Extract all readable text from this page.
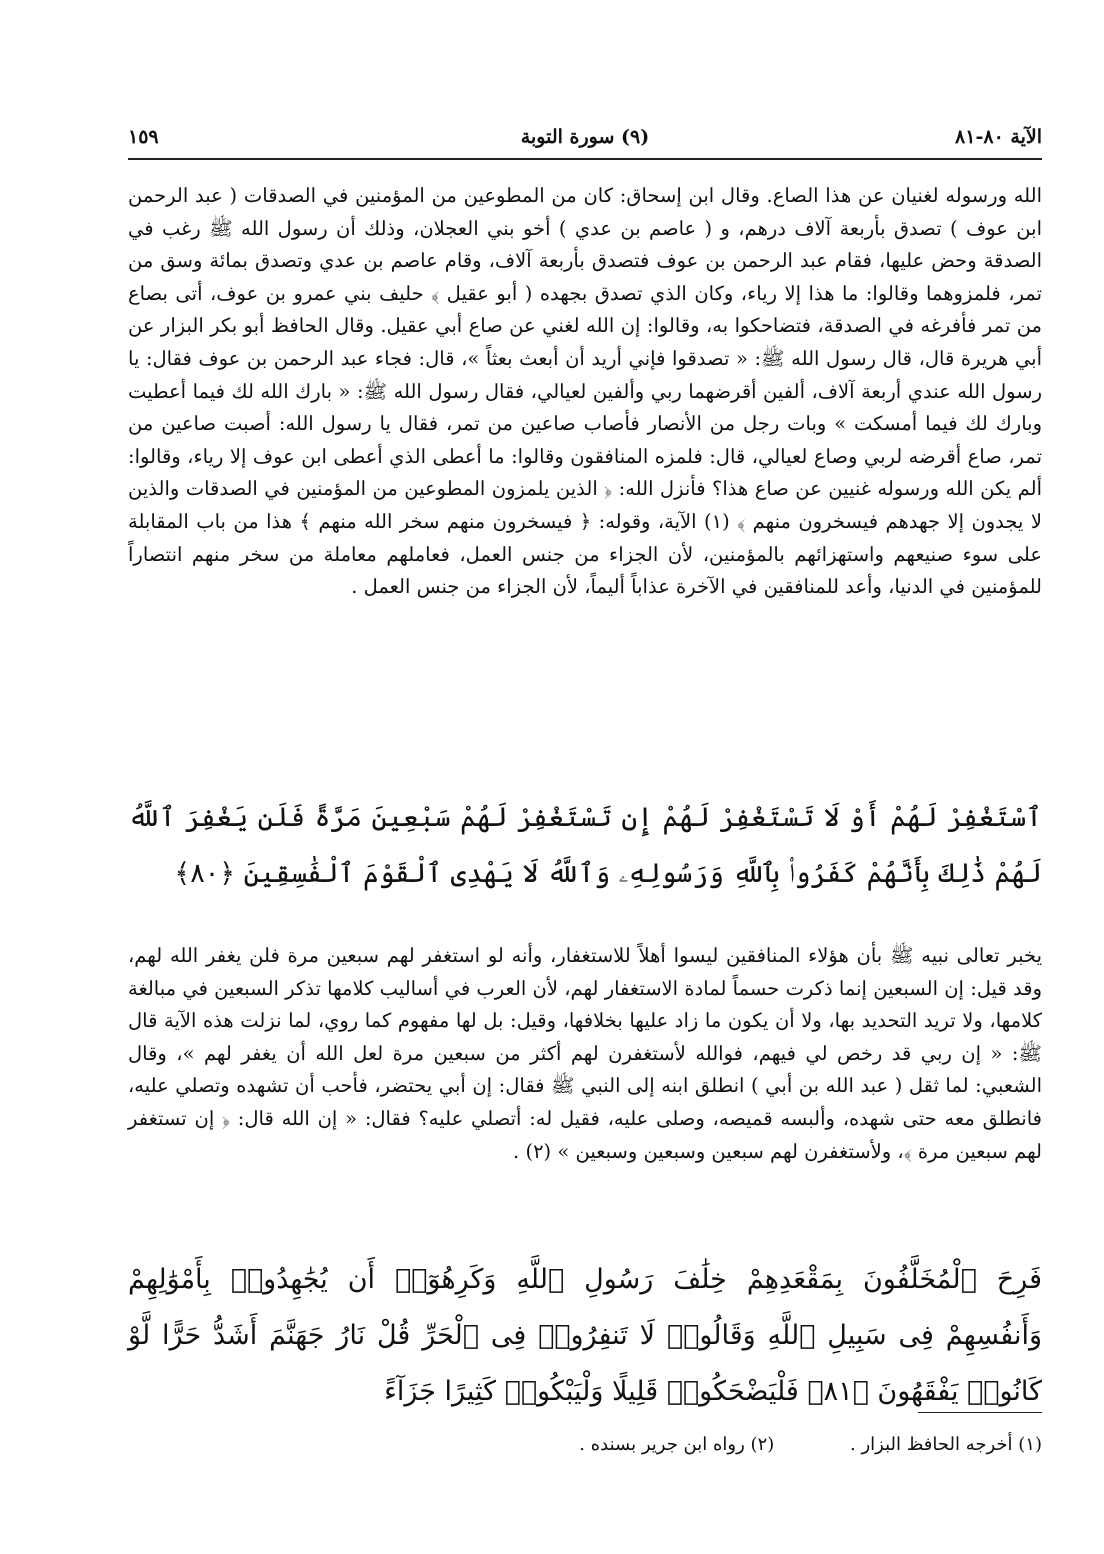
الآية ٨٠-٨١
(٩) سورة التوبة
١٥٩
الله ورسوله لغنيان عن هذا الصاع. وقال ابن إسحاق: كان من المطوعين من المؤمنين في الصدقات ( عبد الرحمن ابن عوف ) تصدق بأربعة آلاف درهم، و ( عاصم بن عدي ) أخو بني العجلان، وذلك أن رسول الله ﷺ رغب في الصدقة وحض عليها، فقام عبد الرحمن بن عوف فتصدق بأربعة آلاف، وقام عاصم بن عدي وتصدق بمائة وسق من تمر، فلمزوهما وقالوا: ما هذا إلا رياء، وكان الذي تصدق بجهده ( أبو عقيل ﴾ حليف بني عمرو بن عوف، أتى بصاع من تمر فأفرغه في الصدقة، فتضاحكوا به، وقالوا: إن الله لغني عن صاع أبي عقيل. وقال الحافظ أبو بكر البزار عن أبي هريرة قال، قال رسول الله ﷺ: « تصدقوا فإني أريد أن أبعث بعثاً »، قال: فجاء عبد الرحمن بن عوف فقال: يا رسول الله عندي أربعة آلاف، ألفين أقرضهما ربي وألفين لعيالي، فقال رسول الله ﷺ: « بارك الله لك فيما أعطيت وبارك لك فيما أمسكت » وبات رجل من الأنصار فأصاب صاعين من تمر، فقال يا رسول الله: أصبت صاعين من تمر، صاع أقرضه لربي وصاع لعيالي، قال: فلمزه المنافقون وقالوا: ما أعطى الذي أعطى ابن عوف إلا رياء، وقالوا: ألم يكن الله ورسوله غنيين عن صاع هذا؟ فأنزل الله: ﴿ الذين يلمزون المطوعين من المؤمنين في الصدقات والذين لا يجدون إلا جهدهم فيسخرون منهم ﴾ (١) الآية، وقوله: ﴿ فيسخرون منهم سخر الله منهم ﴾ هذا من باب المقابلة على سوء صنيعهم واستهزائهم بالمؤمنين، لأن الجزاء من جنس العمل، فعاملهم معاملة من سخر منهم انتصاراً للمؤمنين في الدنيا، وأعد للمنافقين في الآخرة عذاباً أليماً، لأن الجزاء من جنس العمل .
ٱسْتَغْفِرْ لَهُمْ أَوْ لَا تَسْتَغْفِرْ لَهُمْ إِن تَسْتَغْفِرْ لَهُمْ سَبْعِينَ مَرَّةً فَلَن يَغْفِرَ ٱللَّهُ لَهُمْ ذَٰلِكَ بِأَنَّهُمْ كَفَرُوا۟ بِٱللَّهِ وَرَسُولِهِۦ وَٱللَّهُ لَا يَهْدِى ٱلْقَوْمَ ٱلْفَٰسِقِينَ ﴿٨٠﴾
يخبر تعالى نبيه ﷺ بأن هؤلاء المنافقين ليسوا أهلاً للاستغفار، وأنه لو استغفر لهم سبعين مرة فلن يغفر الله لهم، وقد قيل: إن السبعين إنما ذكرت حسماً لمادة الاستغفار لهم، لأن العرب في أساليب كلامها تذكر السبعين في مبالغة كلامها، ولا تريد التحديد بها، ولا أن يكون ما زاد عليها بخلافها، وقيل: بل لها مفهوم كما روي، لما نزلت هذه الآية قال ﷺ: « إن ربي قد رخص لي فيهم، فوالله لأستغفرن لهم أكثر من سبعين مرة لعل الله أن يغفر لهم »، وقال الشعبي: لما ثقل ( عبد الله بن أبي ) انطلق ابنه إلى النبي ﷺ فقال: إن أبي يحتضر، فأحب أن تشهده وتصلي عليه، فانطلق معه حتى شهده، وألبسه قميصه، وصلى عليه، فقيل له: أتصلي عليه؟ فقال: « إن الله قال: ﴿ إن تستغفر لهم سبعين مرة ﴾، ولأستغفرن لهم سبعين وسبعين وسبعين » (٢) .
فَرِحَ ٱلْمُخَلَّفُونَ بِمَقْعَدِهِمْ خِلَٰفَ رَسُولِ ٱللَّهِ وَكَرِهُوٓا۟ أَن يُجَٰهِدُوا۟ بِأَمْوَٰلِهِمْ وَأَنفُسِهِمْ فِى سَبِيلِ ٱللَّهِ وَقَالُوا۟ لَا تَنفِرُوا۟ فِى ٱلْحَرِّ قُلْ نَارُ جَهَنَّمَ أَشَدُّ حَرًّا لَّوْ كَانُوا۟ يَفْقَهُونَ ﴿٨١﴾ فَلْيَضْحَكُوا۟ قَلِيلًا وَلْيَبْكُوا۟ كَثِيرًا جَزَآءً
(١) أخرجه الحافظ البزار . (٢) رواه ابن جرير بسنده .
